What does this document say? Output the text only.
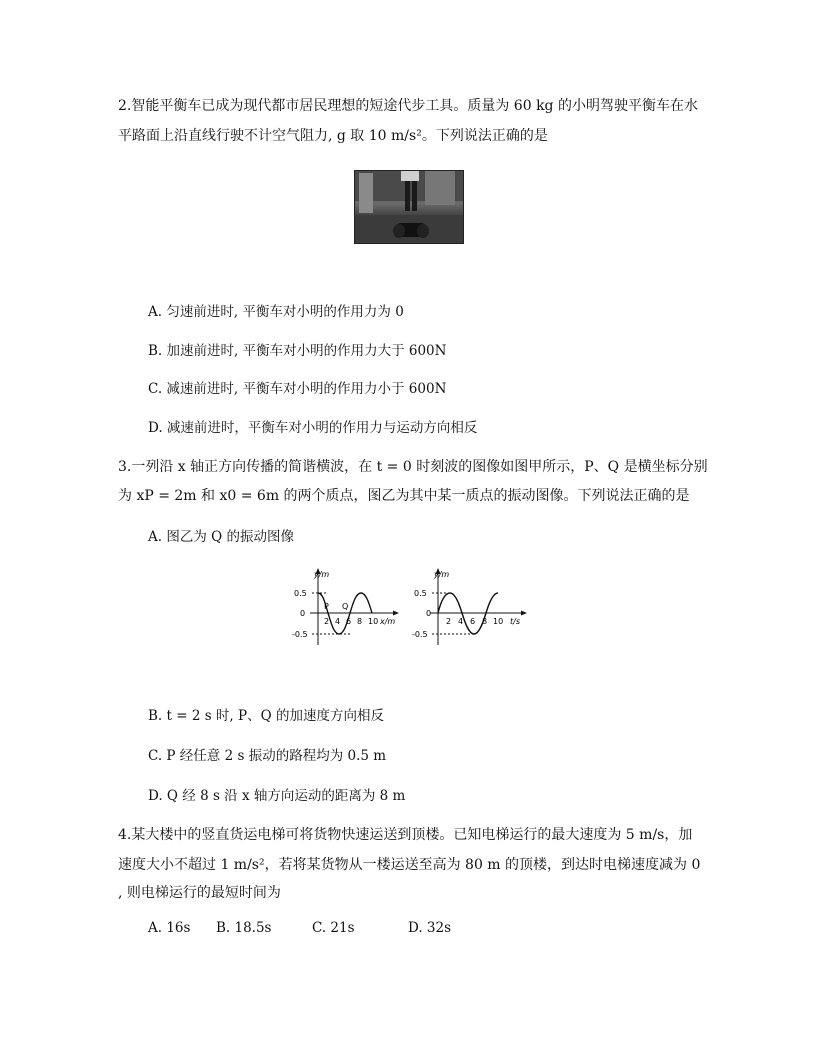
2.智能平衡车已成为现代都市居民理想的短途代步工具。质量为 60 kg 的小明驾驶平衡车在水
平路面上沿直线行驶不计空气阻力, g 取 10 m/s²。下列说法正确的是
A. 匀速前进时, 平衡车对小明的作用力为 0
B. 加速前进时, 平衡车对小明的作用力大于 600N
C. 减速前进时, 平衡车对小明的作用力小于 600N
D. 减速前进时，平衡车对小明的作用力与运动方向相反
3.一列沿 x 轴正方向传播的简谐横波，在 t = 0 时刻波的图像如图甲所示，P、Q 是横坐标分别
为 xP = 2m 和 x0 = 6m 的两个质点，图乙为其中某一质点的振动图像。下列说法正确的是
A. 图乙为 Q 的振动图像
y/m
0.5
0
-0.5
P Q
2 4 6 8 10 x/m
y/m
0.5
0
-0.5
2 4 6 8 10 t/s
B. t = 2 s 时, P、Q 的加速度方向相反
C. P 经任意 2 s 振动的路程均为 0.5 m
D. Q 经 8 s 沿 x 轴方向运动的距离为 8 m
4.某大楼中的竖直货运电梯可将货物快速运送到顶楼。已知电梯运行的最大速度为 5 m/s，加
速度大小不超过 1 m/s²，若将某货物从一楼运送至高为 80 m 的顶楼，到达时电梯速度减为 0
, 则电梯运行的最短时间为
A. 16s B. 18.5s	C. 21s	D. 32s
